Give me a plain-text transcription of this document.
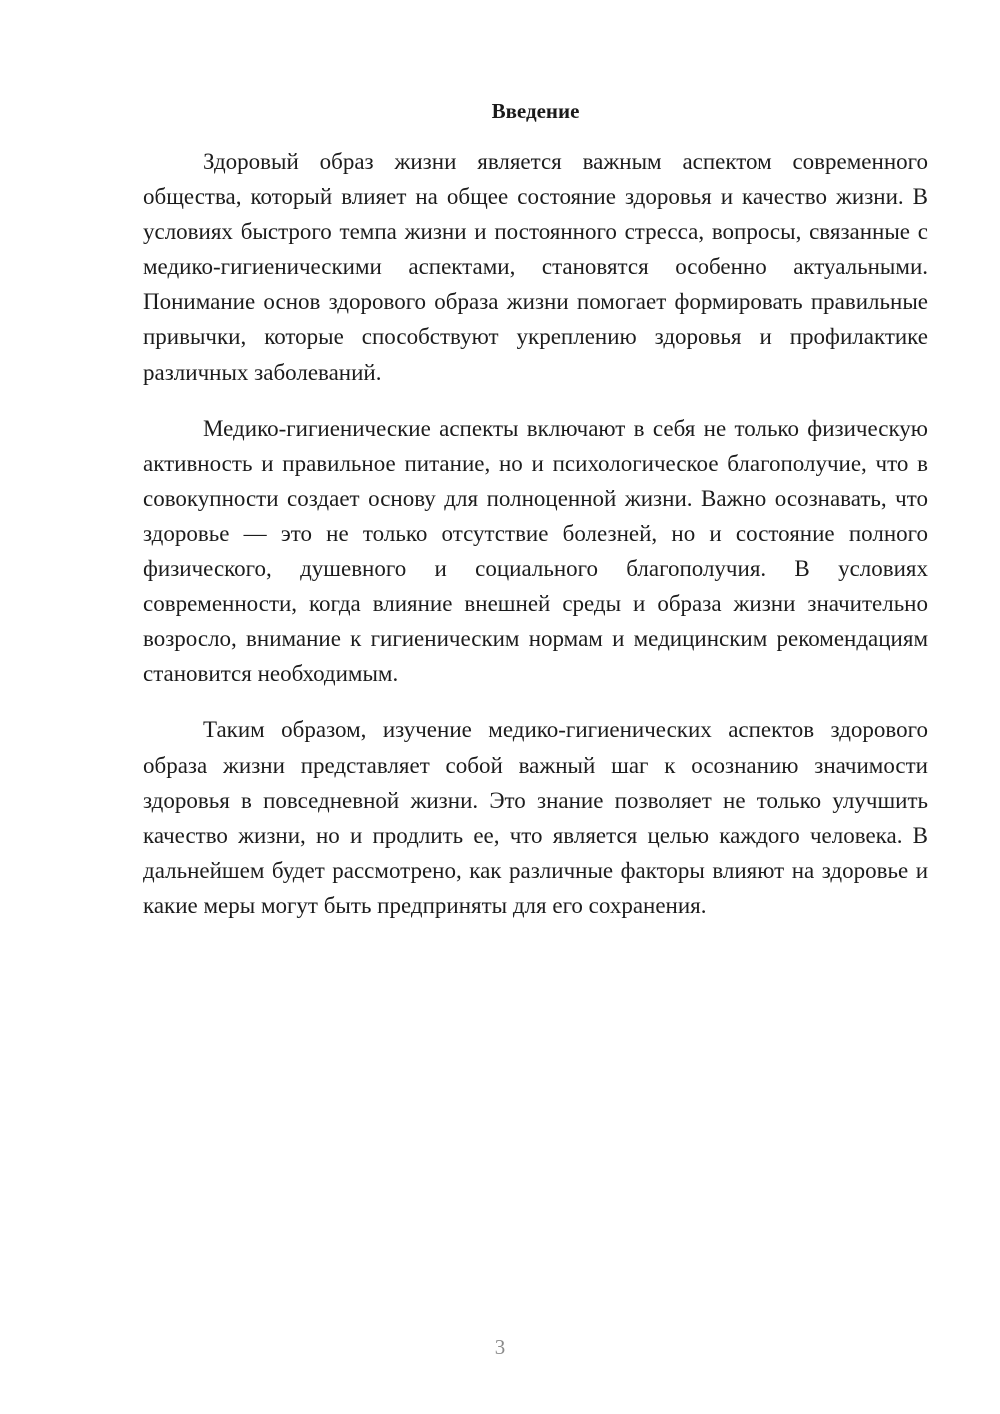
Введение

Здоровый образ жизни является важным аспектом современного общества, который влияет на общее состояние здоровья и качество жизни. В условиях быстрого темпа жизни и постоянного стресса, вопросы, связанные с медико-гигиеническими аспектами, становятся особенно актуальными. Понимание основ здорового образа жизни помогает формировать правильные привычки, которые способствуют укреплению здоровья и профилактике различных заболеваний.

Медико-гигиенические аспекты включают в себя не только физическую активность и правильное питание, но и психологическое благополучие, что в совокупности создает основу для полноценной жизни. Важно осознавать, что здоровье — это не только отсутствие болезней, но и состояние полного физического, душевного и социального благополучия. В условиях современности, когда влияние внешней среды и образа жизни значительно возросло, внимание к гигиеническим нормам и медицинским рекомендациям становится необходимым.

Таким образом, изучение медико-гигиенических аспектов здорового образа жизни представляет собой важный шаг к осознанию значимости здоровья в повседневной жизни. Это знание позволяет не только улучшить качество жизни, но и продлить ее, что является целью каждого человека. В дальнейшем будет рассмотрено, как различные факторы влияют на здоровье и какие меры могут быть предприняты для его сохранения.

3
